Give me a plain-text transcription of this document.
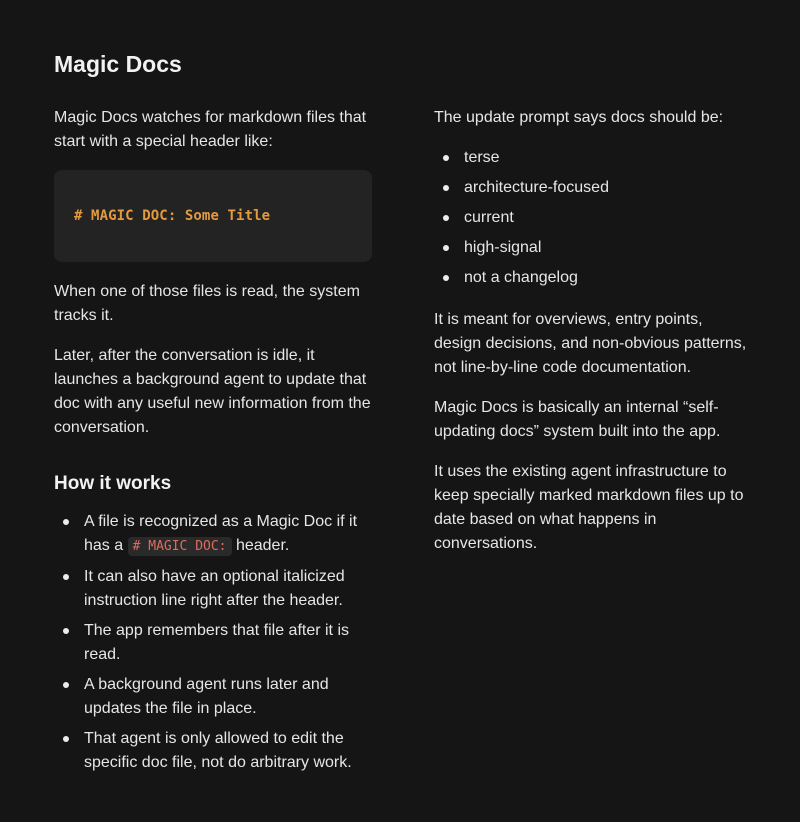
Magic Docs

Magic Docs watches for markdown files that start with a special header like:

# MAGIC DOC: Some Title

When one of those files is read, the system tracks it.

Later, after the conversation is idle, it launches a background agent to update that doc with any useful new information from the conversation.

How it works
A file is recognized as a Magic Doc if it has a # MAGIC DOC: header.
It can also have an optional italicized instruction line right after the header.
The app remembers that file after it is read.
A background agent runs later and updates the file in place.
That agent is only allowed to edit the specific doc file, not do arbitrary work.

The update prompt says docs should be:

terse
architecture-focused
current
high-signal
not a changelog

It is meant for overviews, entry points, design decisions, and non-obvious patterns, not line-by-line code documentation.

Magic Docs is basically an internal “self-updating docs” system built into the app.

It uses the existing agent infrastructure to keep specially marked markdown files up to date based on what happens in conversations.
